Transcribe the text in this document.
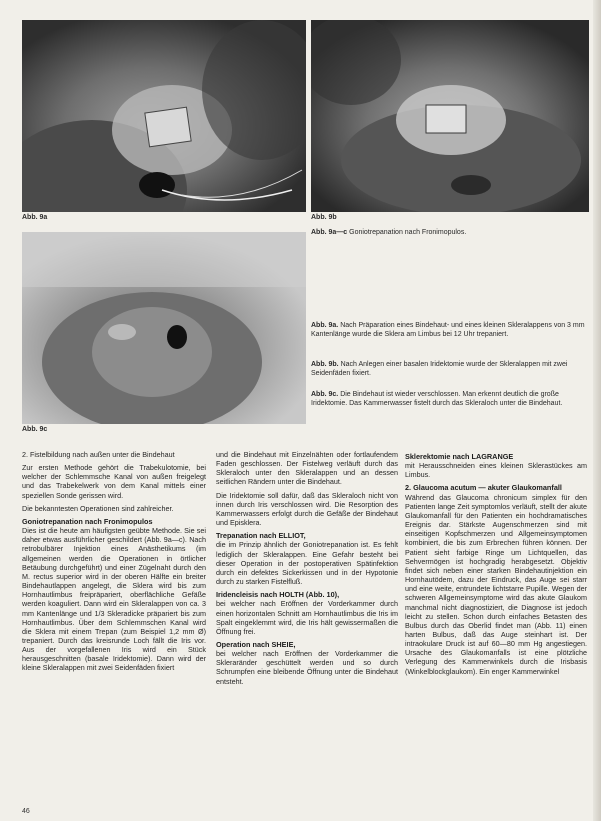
Abb. 9a	Abb. 9b
Abb. 9a—c Goniotrepanation nach Fronimopulos.
Abb. 9c
Abb. 9a. Nach Präparation eines Bindehaut- und eines kleinen Skleralappens von 3 mm Kantenlänge wurde die Sklera am Limbus bei 12 Uhr trepaniert.
Abb. 9b. Nach Anlegen einer basalen Iridektomie wurde der Skleralappen mit zwei Seidenfäden fixiert.
Abb. 9c. Die Bindehaut ist wieder verschlossen. Man erkennt deutlich die große Iridektomie. Das Kammerwasser fistelt durch das Skleraloch unter die Bindehaut.

2. Fistelbildung nach außen unter die Bindehaut

Zur ersten Methode gehört die Trabekulotomie, bei welcher der Schlemmsche Kanal von außen freigelegt und das Trabekelwerk von dem Kanal mittels einer speziellen Sonde gerissen wird.

Die bekanntesten Operationen sind zahlreicher.

Goniotrepanation nach Fronimopulos

Dies ist die heute am häufigsten geübte Methode. Sie sei daher etwas ausführlicher geschildert (Abb. 9a—c). Nach retrobulbärer Injektion eines Anästhetikums (im allgemeinen werden die Operationen in örtlicher Betäubung durchgeführt) und einer Zügelnaht durch den M. rectus superior wird in der oberen Hälfte ein breiter Bindehautlappen angelegt, die Sklera wird bis zum Hornhautlimbus freipräpariert, oberflächliche Gefäße werden koaguliert. Dann wird ein Skleralappen von ca. 3 mm Kantenlänge und 1/3 Skleradicke präpariert bis zum Hornhautlimbus. Über dem Schlemmschen Kanal wird die Sklera mit einem Trepan (zum Beispiel 1,2 mm Ø) trepaniert. Durch das kreisrunde Loch fällt die Iris vor. Aus der vorgefallenen Iris wird ein Stück herausgeschnitten (basale Iridektomie). Dann wird der kleine Skleralappen mit zwei Seidenfäden fixiert

und die Bindehaut mit Einzelnähten oder fortlaufendem Faden geschlossen. Der Fistelweg verläuft durch das Skleraloch unter den Skleralappen und an dessen seitlichen Rändern unter die Bindehaut.

Die Iridektomie soll dafür, daß das Skleraloch nicht von innen durch Iris verschlossen wird. Die Resorption des Kammerwassers erfolgt durch die Gefäße der Bindehaut und Episklera.

Trepanation nach ELLIOT,

die im Prinzip ähnlich der Goniotrepanation ist. Es fehlt lediglich der Skleralappen. Eine Gefahr besteht bei dieser Operation in der postoperativen Spätinfektion durch ein defektes Sickerkissen und in der Hypotonie durch zu starken Fistelfluß.

Iridencleisis nach HOLTH (Abb. 10),

bei welcher nach Eröffnen der Vorderkammer durch einen horizontalen Schnitt am Hornhautlimbus die Iris im Spalt eingeklemmt wird, die Iris hält gewissermaßen die Öffnung frei.

Operation nach SHEIE,

bei welcher nach Eröffnen der Vorderkammer die Skleraränder geschüttelt werden und so durch Schrumpfen eine bleibende Öffnung unter die Bindehaut entsteht.

Sklerektomie nach LAGRANGE

mit Herausschneiden eines kleinen Sklerastückes am Limbus.

2. Glaucoma acutum — akuter Glaukomanfall

Während das Glaucoma chronicum simplex für den Patienten lange Zeit symptomlos verläuft, stellt der akute Glaukomanfall für den Patienten ein hochdramatisches Ereignis dar. Stärkste Augenschmerzen sind mit einseitigen Kopfschmerzen und Allgemeinsymptomen kombiniert, die bis zum Erbrechen führen können. Der Patient sieht farbige Ringe um Lichtquellen, das Sehvermögen ist hochgradig herabgesetzt. Objektiv findet sich neben einer starken Bindehautinjektion ein Hornhautödem, dazu der Eindruck, das Auge sei starr und eine weite, entrundete lichtstarre Pupille. Wegen der schweren Allgemeinsymptome wird das akute Glaukom manchmal nicht diagnostiziert, die Diagnose ist jedoch leicht zu stellen. Schon durch einfaches Betasten des Bulbus durch das Oberlid findet man (Abb. 11) einen harten Bulbus, daß das Auge steinhart ist. Der intraokulare Druck ist auf 60—80 mm Hg angestiegen. Ursache des Glaukomanfalls ist eine plötzliche Verlegung des Kammerwinkels durch die Irisbasis (Winkelblockglaukom). Ein enger Kammerwinkel

46
